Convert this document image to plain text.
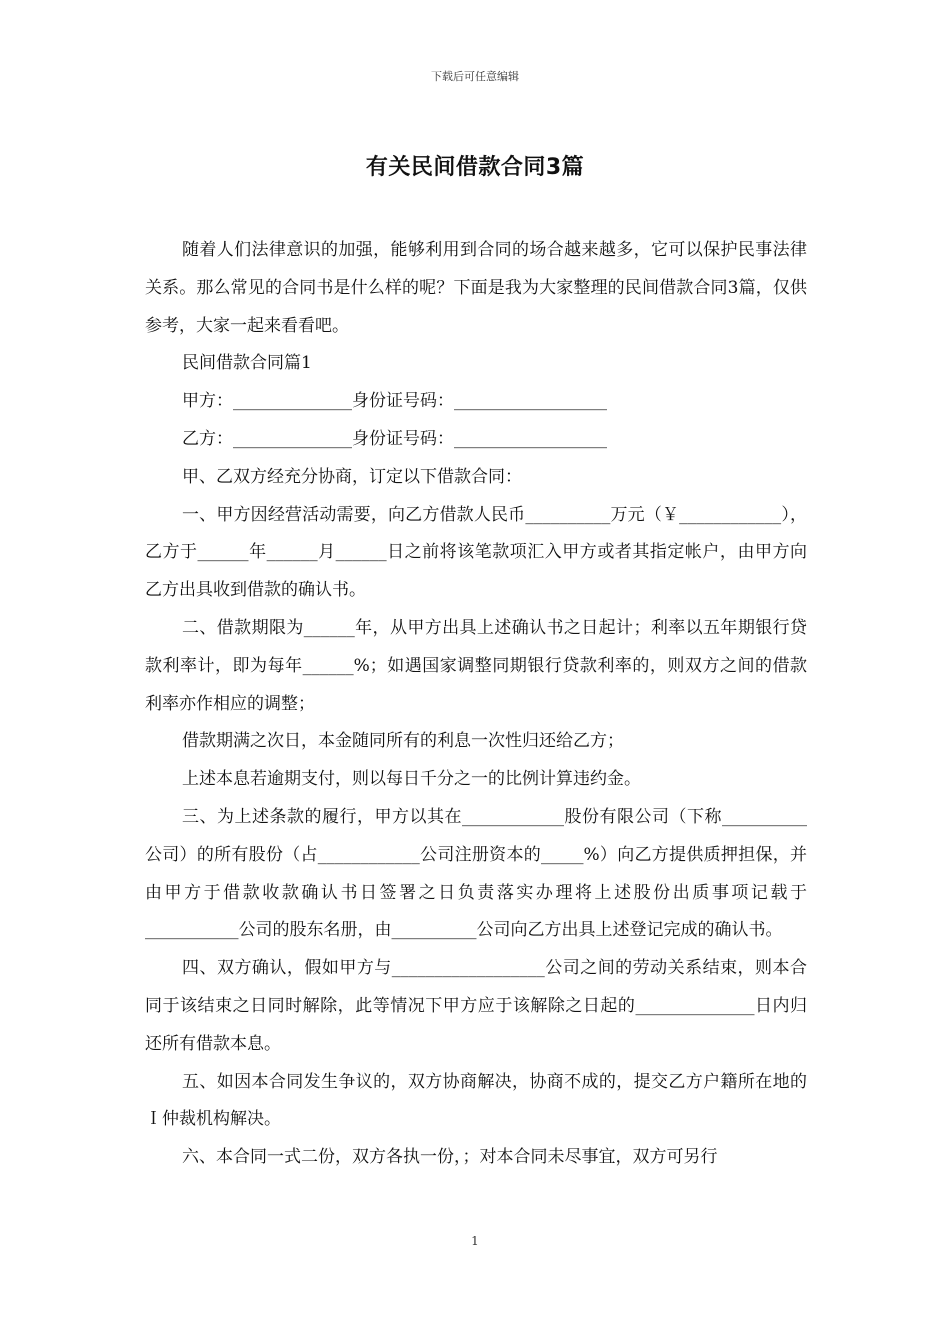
下载后可任意编辑
有关民间借款合同3篇

随着人们法律意识的加强，能够利用到合同的场合越来越多，它可以保护民事法律关系。那么常见的合同书是什么样的呢？下面是我为大家整理的民间借款合同3篇，仅供参考，大家一起来看看吧。

民间借款合同篇1

甲方：______________身份证号码：__________________

乙方：______________身份证号码：__________________

甲、乙双方经充分协商，订定以下借款合同：

一、甲方因经营活动需要，向乙方借款人民币__________万元（￥____________），乙方于______年______月______日之前将该笔款项汇入甲方或者其指定帐户，由甲方向乙方出具收到借款的确认书。

二、借款期限为______年，从甲方出具上述确认书之日起计；利率以五年期银行贷款利率计，即为每年______%；如遇国家调整同期银行贷款利率的，则双方之间的借款利率亦作相应的调整；

借款期满之次日，本金随同所有的利息一次性归还给乙方；

上述本息若逾期支付，则以每日千分之一的比例计算违约金。

三、为上述条款的履行，甲方以其在____________股份有限公司（下称__________公司）的所有股份（占____________公司注册资本的_____%）向乙方提供质押担保，并由甲方于借款收款确认书日签署之日负责落实办理将上述股份出质事项记载于___________公司的股东名册，由__________公司向乙方出具上述登记完成的确认书。

四、双方确认，假如甲方与__________________公司之间的劳动关系结束，则本合同于该结束之日同时解除，此等情况下甲方应于该解除之日起的______________日内归还所有借款本息。

五、如因本合同发生争议的，双方协商解决，协商不成的，提交乙方户籍所在地的Ｉ仲裁机构解决。

六、本合同一式二份，双方各执一份，；对本合同未尽事宜，双方可另行

1
